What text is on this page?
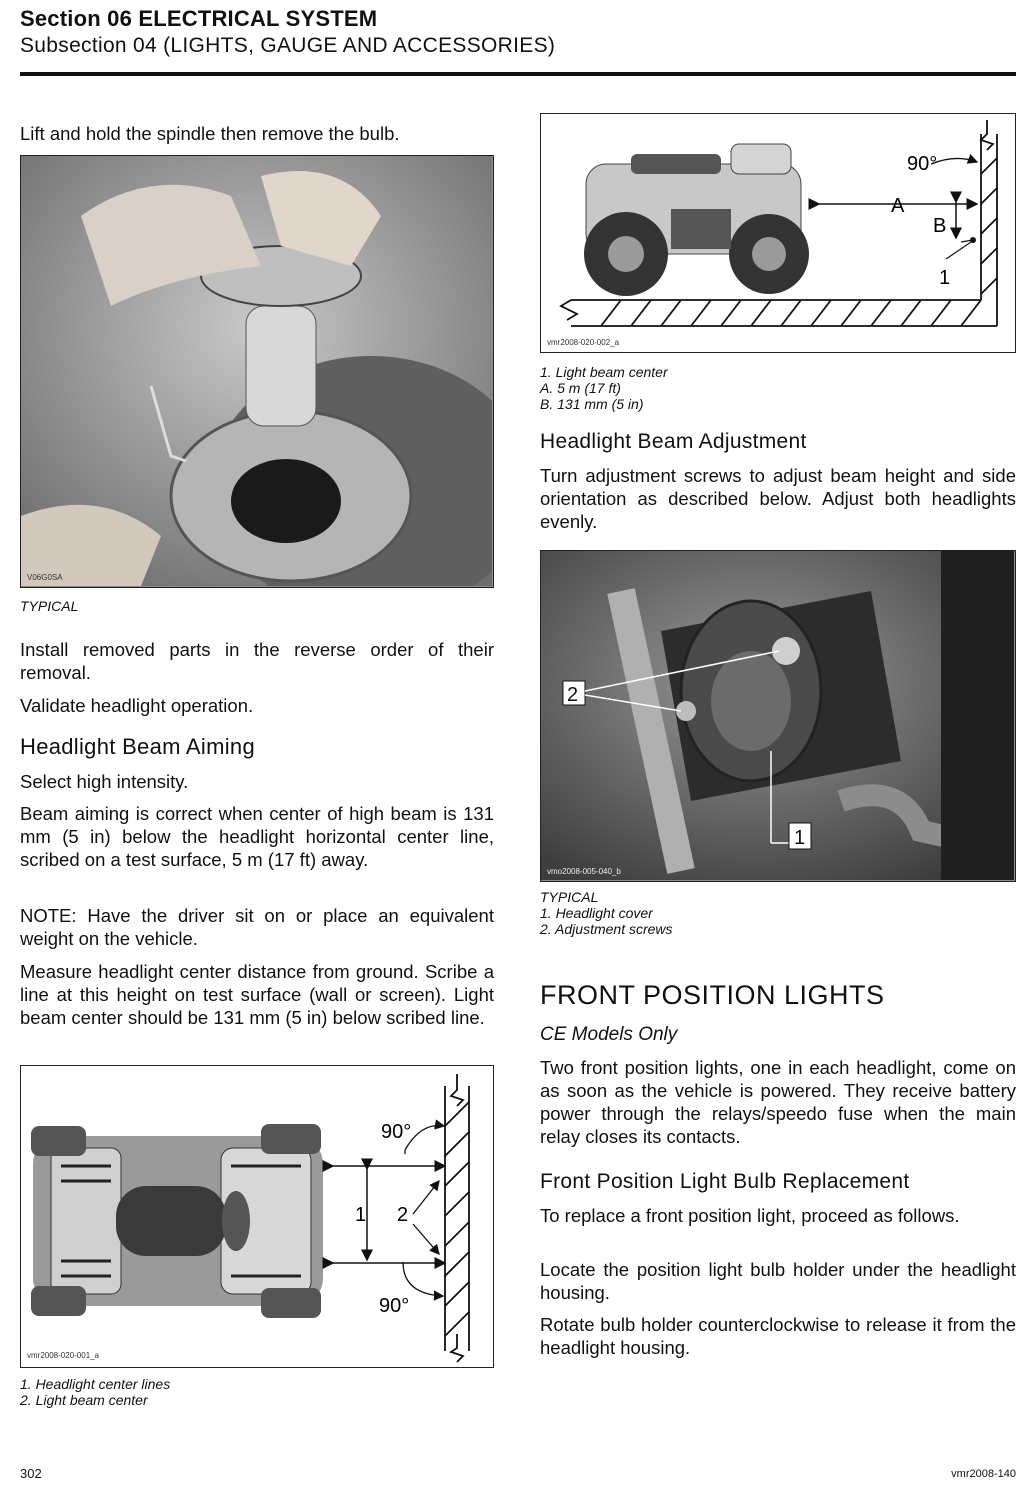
Section 06 ELECTRICAL SYSTEM
Subsection 04 (LIGHTS, GAUGE AND ACCESSORIES)

Lift and hold the spindle then remove the bulb.

V06G0SA
TYPICAL

Install removed parts in the reverse order of their removal.

Validate headlight operation.

Headlight Beam Aiming

Select high intensity.

Beam aiming is correct when center of high beam is 131 mm (5 in) below the headlight horizontal center line, scribed on a test surface, 5 m (17 ft) away.

NOTE: Have the driver sit on or place an equivalent weight on the vehicle.

Measure headlight center distance from ground. Scribe a line at this height on test surface (wall or screen). Light beam center should be 131 mm (5 in) below scribed line.

90°
90°
1 2
vmr2008-020-001_a
1. Headlight center lines
2. Light beam center
90°
A
B
1
vmr2008-020-002_a
1. Light beam center
A. 5 m (17 ft)
B. 131 mm (5 in)
Headlight Beam Adjustment

Turn adjustment screws to adjust beam height and side orientation as described below. Adjust both headlights evenly.

2
1
vmo2008-005-040_b
TYPICAL
1. Headlight cover
2. Adjustment screws
FRONT POSITION LIGHTS
CE Models Only

Two front position lights, one in each headlight, come on as soon as the vehicle is powered. They receive battery power through the relays/speedo fuse when the main relay closes its contacts.

Front Position Light Bulb Replacement

To replace a front position light, proceed as follows.

Locate the position light bulb holder under the headlight housing.

Rotate bulb holder counterclockwise to release it from the headlight housing.

302	vmr2008-140
